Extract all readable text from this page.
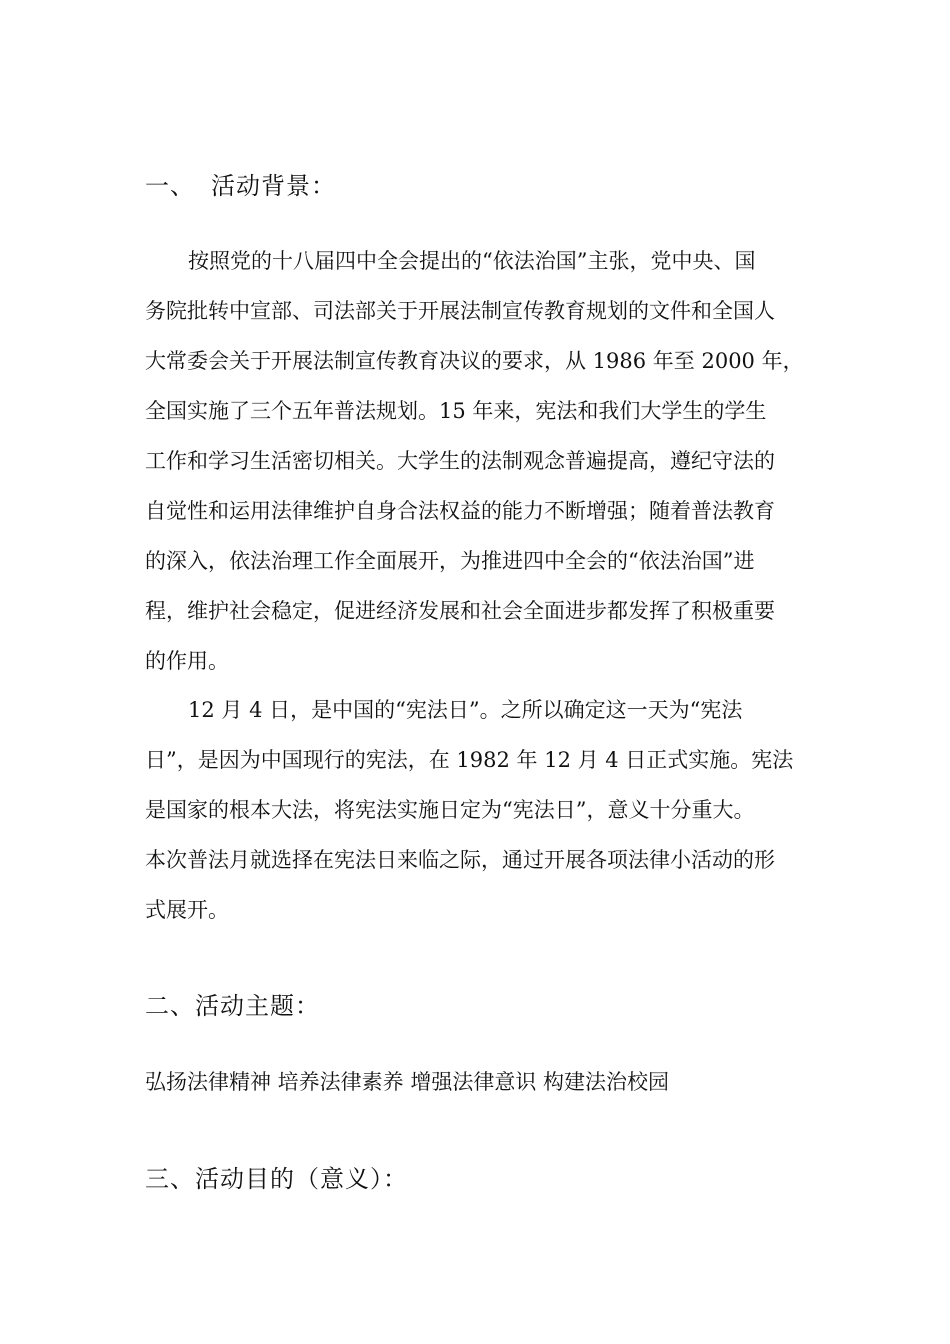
一、 活动背景：

按照党的十八届四中全会提出的“依法治国”主张，党中央、国
务院批转中宣部、司法部关于开展法制宣传教育规划的文件和全国人
大常委会关于开展法制宣传教育决议的要求，从 1986 年至 2000 年，
全国实施了三个五年普法规划。15 年来，宪法和我们大学生的学生
工作和学习生活密切相关。大学生的法制观念普遍提高，遵纪守法的
自觉性和运用法律维护自身合法权益的能力不断增强；随着普法教育
的深入，依法治理工作全面展开，为推进四中全会的“依法治国”进
程，维护社会稳定，促进经济发展和社会全面进步都发挥了积极重要
的作用。

12 月 4 日，是中国的“宪法日”。之所以确定这一天为“宪法
日”，是因为中国现行的宪法，在 1982 年 12 月 4 日正式实施。宪法
是国家的根本大法，将宪法实施日定为“宪法日”，意义十分重大。
本次普法月就选择在宪法日来临之际，通过开展各项法律小活动的形
式展开。

二、活动主题：
弘扬法律精神 培养法律素养 增强法律意识 构建法治校园
三、活动目的（意义）：
